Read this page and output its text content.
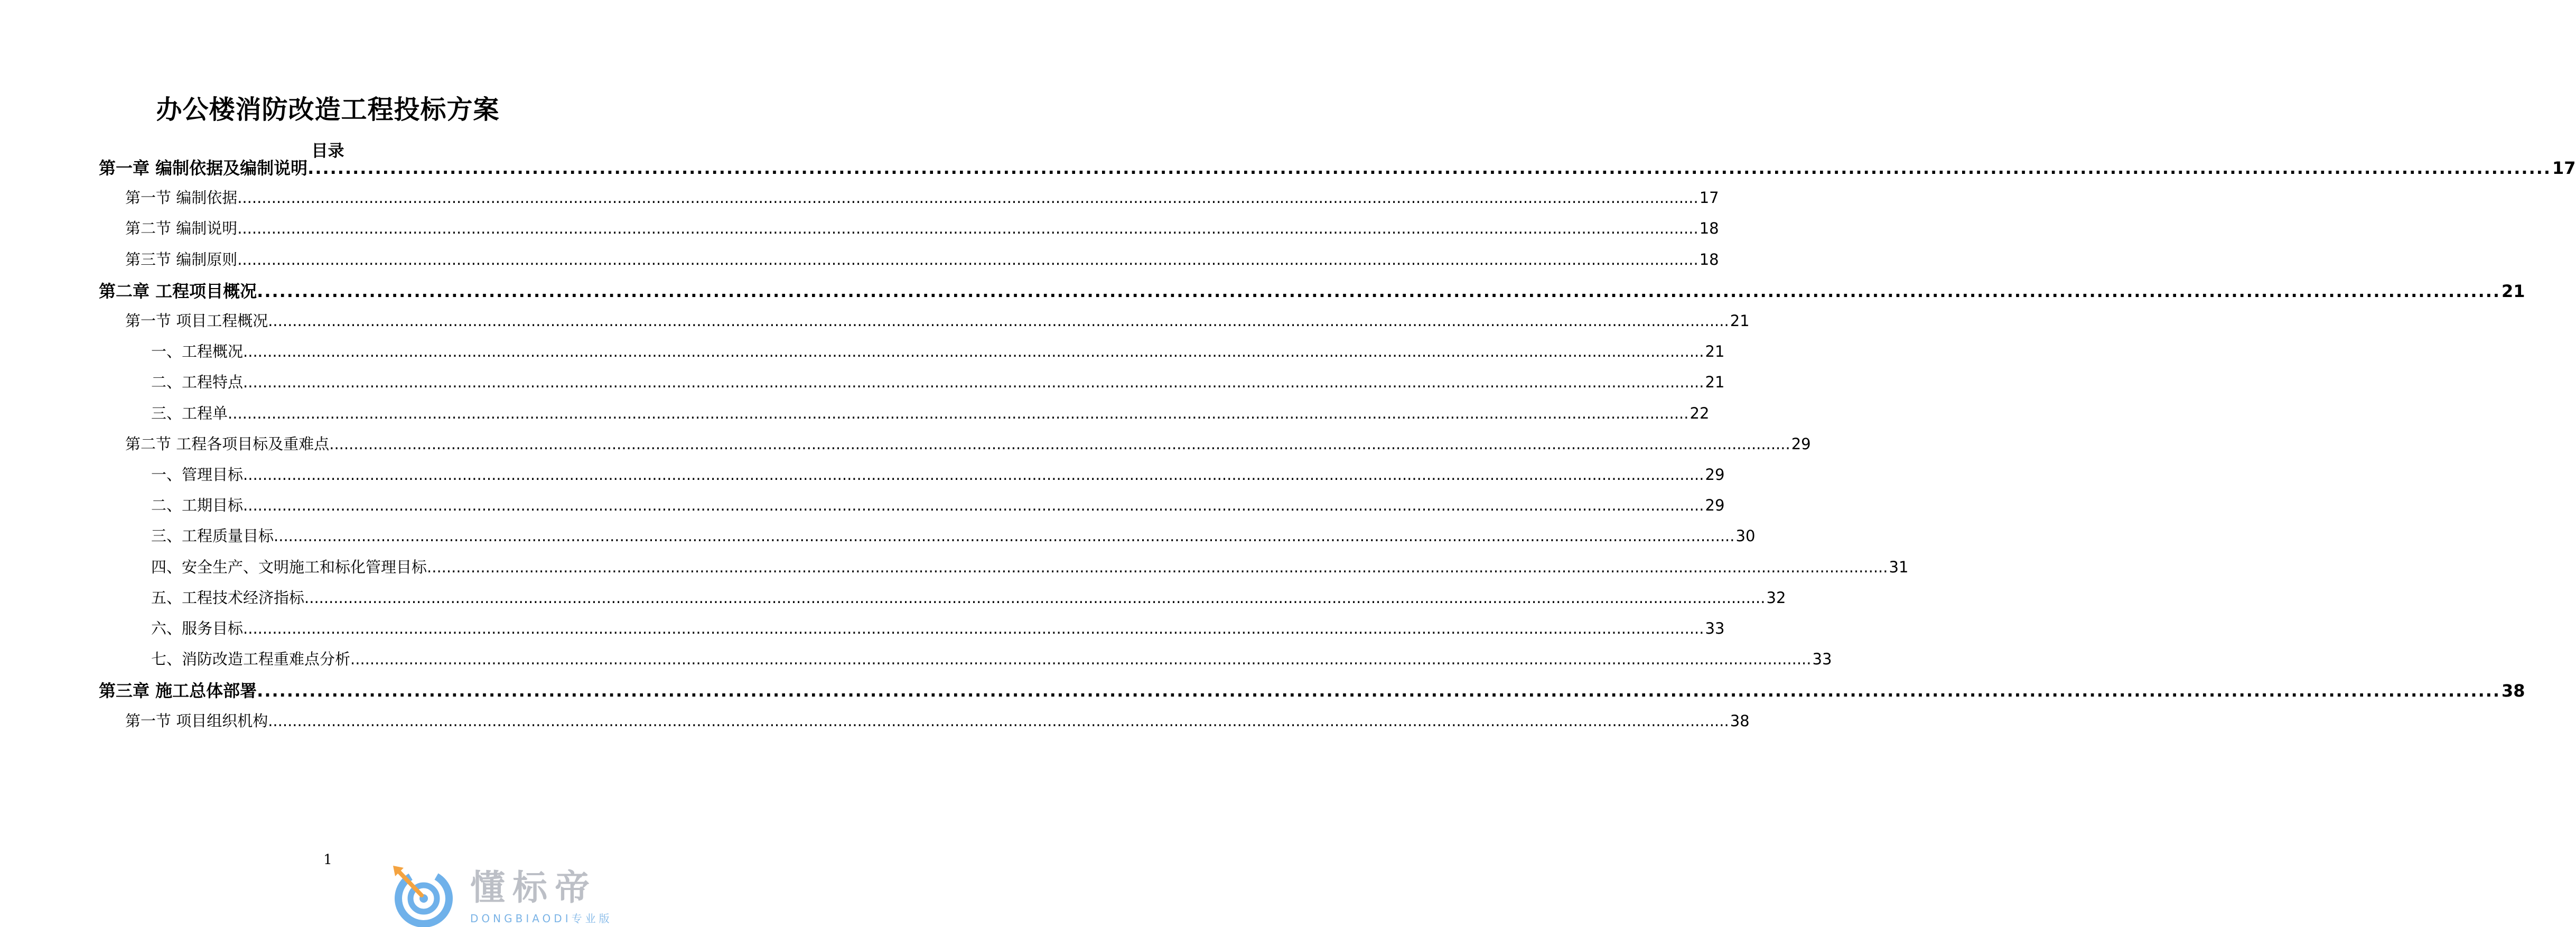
办公楼消防改造工程投标方案
目录
第一章 编制依据及编制说明 ............................................................................................................................................................................................................................................................................................................ 17
第一节 编制依据 ............................................................................................................................................................................................................................................................................................................ 17
第二节 编制说明 ............................................................................................................................................................................................................................................................................................................ 18
第三节 编制原则 ............................................................................................................................................................................................................................................................................................................ 18
第二章 工程项目概况 ............................................................................................................................................................................................................................................................................................................ 21
第一节 项目工程概况 ............................................................................................................................................................................................................................................................................................................ 21
一、工程概况 ............................................................................................................................................................................................................................................................................................................ 21
二、工程特点 ............................................................................................................................................................................................................................................................................................................ 21
三、工程单 ............................................................................................................................................................................................................................................................................................................ 22
第二节 工程各项目标及重难点 ............................................................................................................................................................................................................................................................................................................ 29
一、管理目标 ............................................................................................................................................................................................................................................................................................................ 29
二、工期目标 ............................................................................................................................................................................................................................................................................................................ 29
三、工程质量目标 ............................................................................................................................................................................................................................................................................................................ 30
四、安全生产、文明施工和标化管理目标 ............................................................................................................................................................................................................................................................................................................ 31
五、工程技术经济指标 ............................................................................................................................................................................................................................................................................................................ 32
六、服务目标 ............................................................................................................................................................................................................................................................................................................ 33
七、消防改造工程重难点分析 ............................................................................................................................................................................................................................................................................................................ 33
第三章 施工总体部署 ............................................................................................................................................................................................................................................................................................................ 38
第一节 项目组织机构 ............................................................................................................................................................................................................................................................................................................ 38
1
懂标帝
DONGBIAODI专业版
